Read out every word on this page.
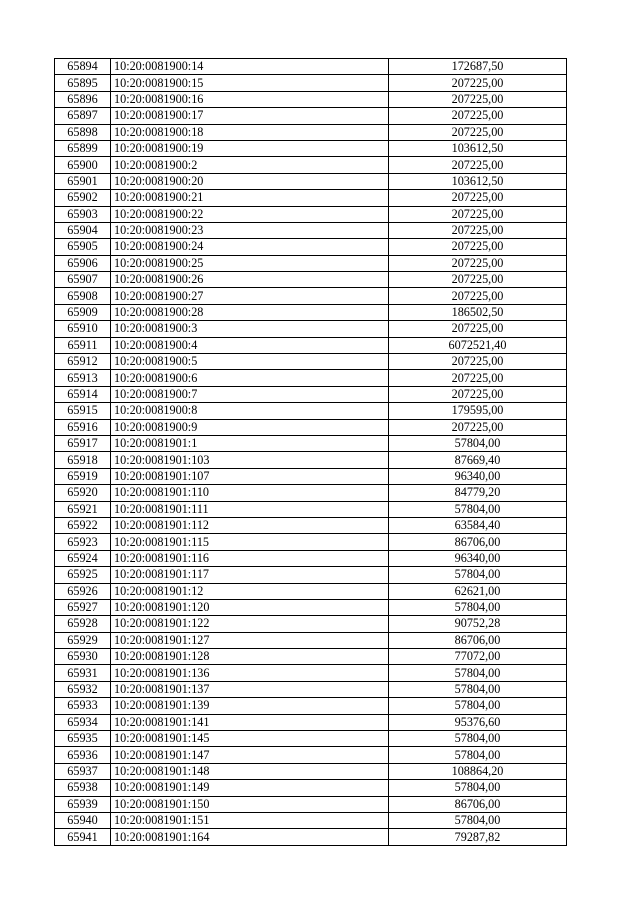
65894	10:20:0081900:14	172687,50
65895	10:20:0081900:15	207225,00
65896	10:20:0081900:16	207225,00
65897	10:20:0081900:17	207225,00
65898	10:20:0081900:18	207225,00
65899	10:20:0081900:19	103612,50
65900	10:20:0081900:2	207225,00
65901	10:20:0081900:20	103612,50
65902	10:20:0081900:21	207225,00
65903	10:20:0081900:22	207225,00
65904	10:20:0081900:23	207225,00
65905	10:20:0081900:24	207225,00
65906	10:20:0081900:25	207225,00
65907	10:20:0081900:26	207225,00
65908	10:20:0081900:27	207225,00
65909	10:20:0081900:28	186502,50
65910	10:20:0081900:3	207225,00
65911	10:20:0081900:4	6072521,40
65912	10:20:0081900:5	207225,00
65913	10:20:0081900:6	207225,00
65914	10:20:0081900:7	207225,00
65915	10:20:0081900:8	179595,00
65916	10:20:0081900:9	207225,00
65917	10:20:0081901:1	57804,00
65918	10:20:0081901:103	87669,40
65919	10:20:0081901:107	96340,00
65920	10:20:0081901:110	84779,20
65921	10:20:0081901:111	57804,00
65922	10:20:0081901:112	63584,40
65923	10:20:0081901:115	86706,00
65924	10:20:0081901:116	96340,00
65925	10:20:0081901:117	57804,00
65926	10:20:0081901:12	62621,00
65927	10:20:0081901:120	57804,00
65928	10:20:0081901:122	90752,28
65929	10:20:0081901:127	86706,00
65930	10:20:0081901:128	77072,00
65931	10:20:0081901:136	57804,00
65932	10:20:0081901:137	57804,00
65933	10:20:0081901:139	57804,00
65934	10:20:0081901:141	95376,60
65935	10:20:0081901:145	57804,00
65936	10:20:0081901:147	57804,00
65937	10:20:0081901:148	108864,20
65938	10:20:0081901:149	57804,00
65939	10:20:0081901:150	86706,00
65940	10:20:0081901:151	57804,00
65941	10:20:0081901:164	79287,82
